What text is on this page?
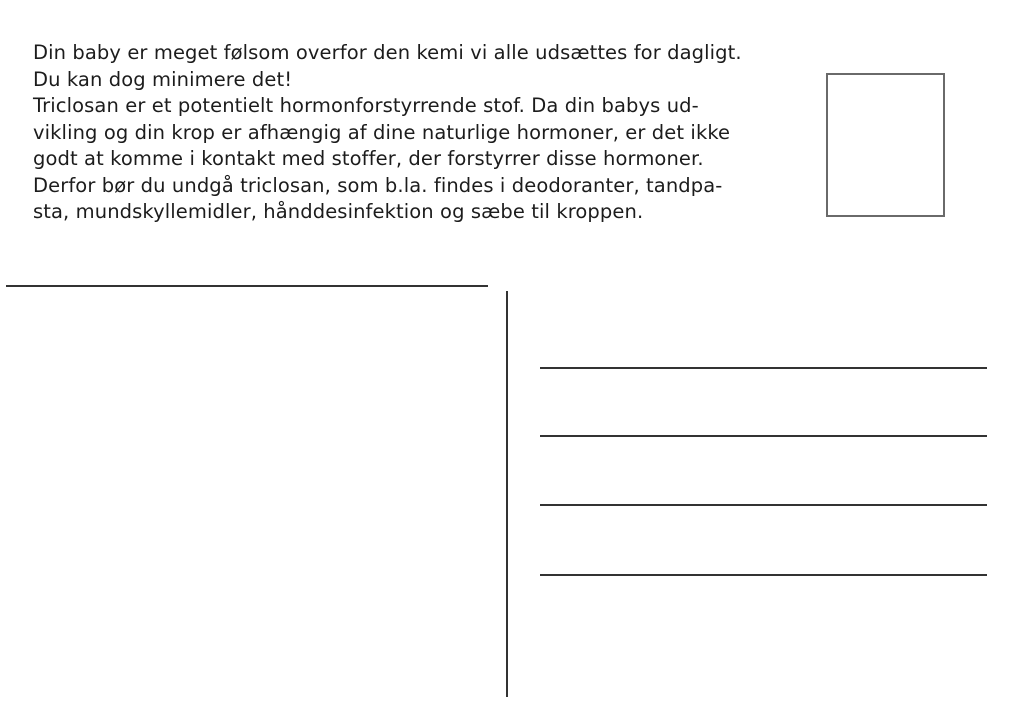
Din baby er meget følsom overfor den kemi vi alle udsættes for dagligt.
Du kan dog minimere det!
Triclosan er et potentielt hormonforstyrrende stof. Da din babys ud-
vikling og din krop er afhængig af dine naturlige hormoner, er det ikke
godt at komme i kontakt med stoffer, der forstyrrer disse hormoner.
Derfor bør du undgå triclosan, som b.la. findes i deodoranter, tandpa-
sta, mundskyllemidler, hånddesinfektion og sæbe til kroppen.
